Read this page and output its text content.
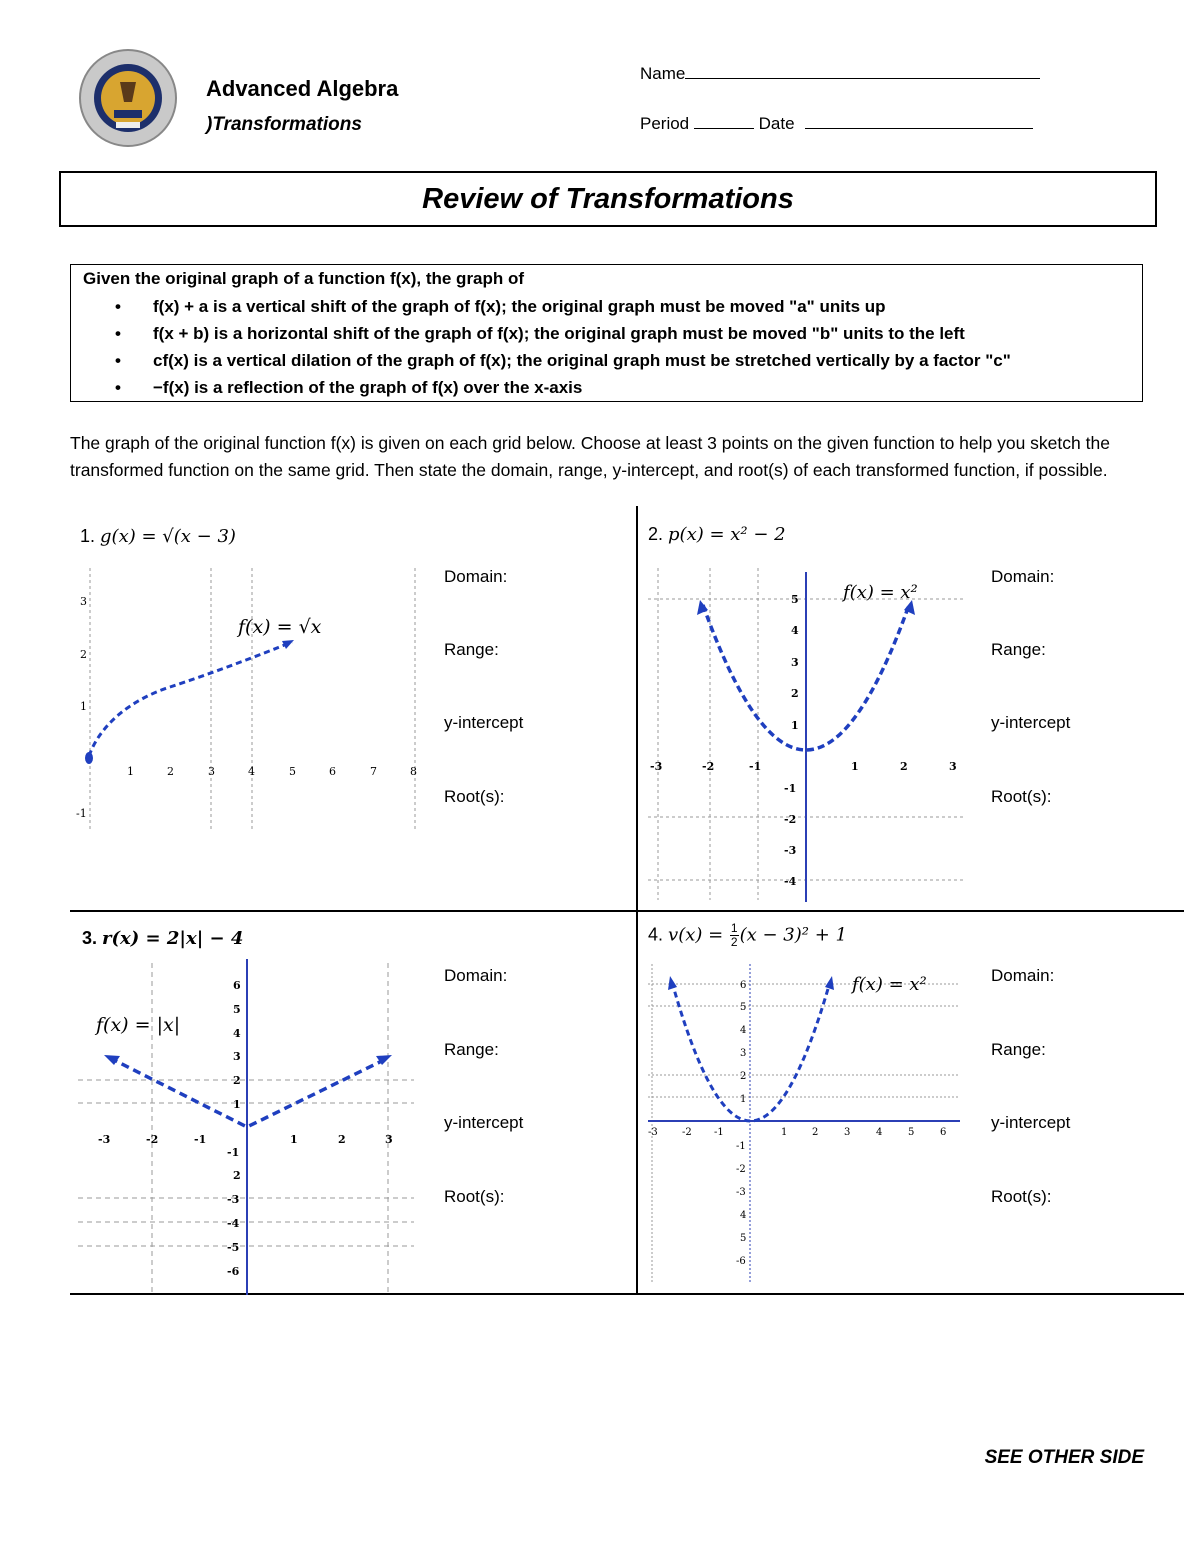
Advanced Algebra
)Transformations
Name
Period	Date
Review of Transformations
Given the original graph of a function f(x), the graph of
• f(x) + a is a vertical shift of the graph of f(x); the original graph must be moved "a" units up
• f(x + b) is a horizontal shift of the graph of f(x); the original graph must be moved "b" units to the left
• cf(x) is a vertical dilation of the graph of f(x); the original graph must be stretched vertically by a factor "c"
• −f(x) is a reflection of the graph of f(x) over the x-axis
The graph of the original function f(x) is given on each grid below. Choose at least 3 points on the given function to help you sketch the transformed function on the same grid. Then state the domain, range, y-intercept, and root(s) of each transformed function, if possible.
1. g(x) = √(x − 3)
1	2	3	4	5	6	7	8
3
2
1
-1
f(x) = √x
Domain:
Range:
y-intercept
Root(s):
2. p(x) = x² − 2
-3	-2	-1	1	2	3
5
4
3
2
1
-1
-2
-3
-4
f(x) = x²
Domain:
Range:
y-intercept
Root(s):
3. r(x) = 2|x| − 4
-3	-2	-1	1	2	3
6
5
4
3
2
1
-1
2
-3
-4
-5
-6
f(x) = |x|
Domain:
Range:
y-intercept
Root(s):
4. $v(x) = \frac{1}{2} (x - 3)^2 + 1$
-3 -2 -1	1 2	3	4	5	6
6
5
4
3
2
1
-1
-2
-3
4
5
-6
f(x) = x²	Domain:
Range:
y-intercept
Root(s):
SEE OTHER SIDE
